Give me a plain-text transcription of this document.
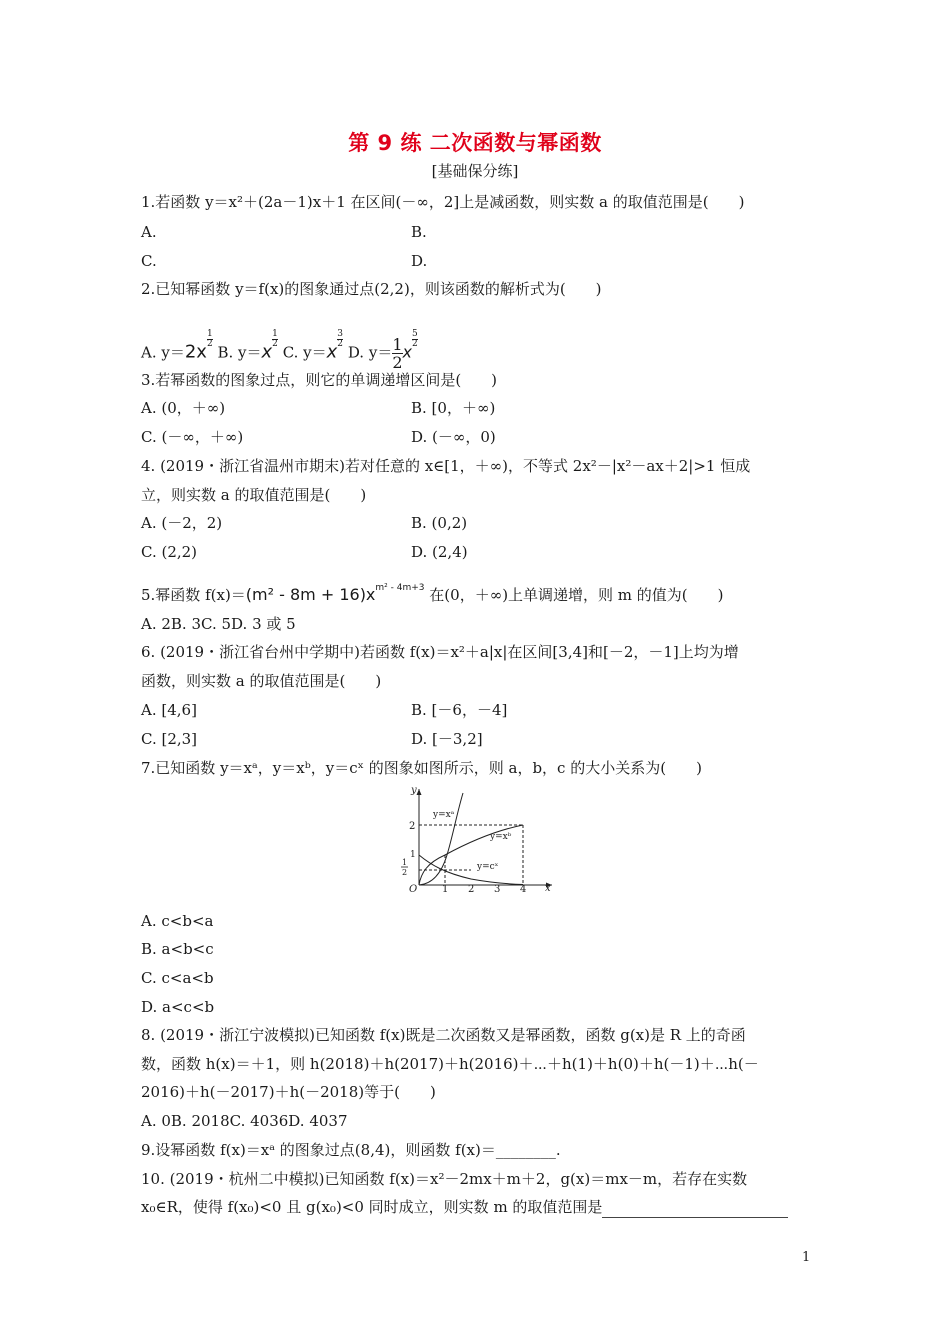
第 9 练 二次函数与幂函数
[基础保分练]
1.若函数 y＝x²＋(2a－1)x＋1 在区间(－∞，2]上是减函数，则实数 a 的取值范围是(　　)
A.	B.
C.	D.
2.已知幂函数 y＝f(x)的图象通过点(2,2)，则该函数的解析式为(　　)
A. y＝2x
$\frac{1}{2}$
B. y＝x
$\frac{1}{2}$
C. y＝x
$\frac{3}{2}$
D. $y= \frac{1}{2}$ x
$\frac{5}{2}$
3.若幂函数的图象过点，则它的单调递增区间是(　　)
A. (0，＋∞)	B. [0，＋∞)
C. (－∞，＋∞)	D. (－∞，0)
4. (2019・浙江省温州市期末)若对任意的 x∈[1，＋∞)，不等式 2x²－|x²－ax＋2|>1 恒成
立，则实数 a 的取值范围是(　　)
A. (－2，2)	B. (0,2)
C. (2,2)	D. (2,4)
5.幂函数 $f(x)=(m^2 - 8m + 16)x^{m^2 - 4m+3}$ 在(0，＋∞)上单调递增，则 m 的值为(　　)
A. 2B. 3C. 5D. 3 或 5
6. (2019・浙江省台州中学期中)若函数 f(x)＝x²＋a|x|在区间[3,4]和[－2，－1]上均为增
函数，则实数 a 的取值范围是(　　)
A. [4,6]	B. [－6，－4]
C. [2,3]	D. [－3,2]
7.已知函数 y＝xᵃ，y＝xᵇ，y＝cˣ 的图象如图所示，则 a，b，c 的大小关系为(　　)
y
x
O
y=xᵃ
y=xᵇ
y=cˣ
1 2 3 4
2
1
1
2
A. c<b<a
B. a<b<c
C. c<a<b
D. a<c<b
8. (2019・浙江宁波模拟)已知函数 f(x)既是二次函数又是幂函数，函数 g(x)是 R 上的奇函
数，函数 h(x)＝＋1，则 h(2018)＋h(2017)＋h(2016)＋⋯＋h(1)＋h(0)＋h(－1)＋⋯h(－
2016)＋h(－2017)＋h(－2018)等于(　　)
A. 0B. 2018C. 4036D. 4037
9.设幂函数 f(x)＝xᵃ 的图象过点(8,4)，则函数 f(x)＝________.
10. (2019・杭州二中模拟)已知函数 f(x)＝x²－2mx＋m＋2，g(x)＝mx－m，若存在实数
x₀∈R，使得 f(x₀)<0 且 g(x₀)<0 同时成立，则实数 m 的取值范围是
1
